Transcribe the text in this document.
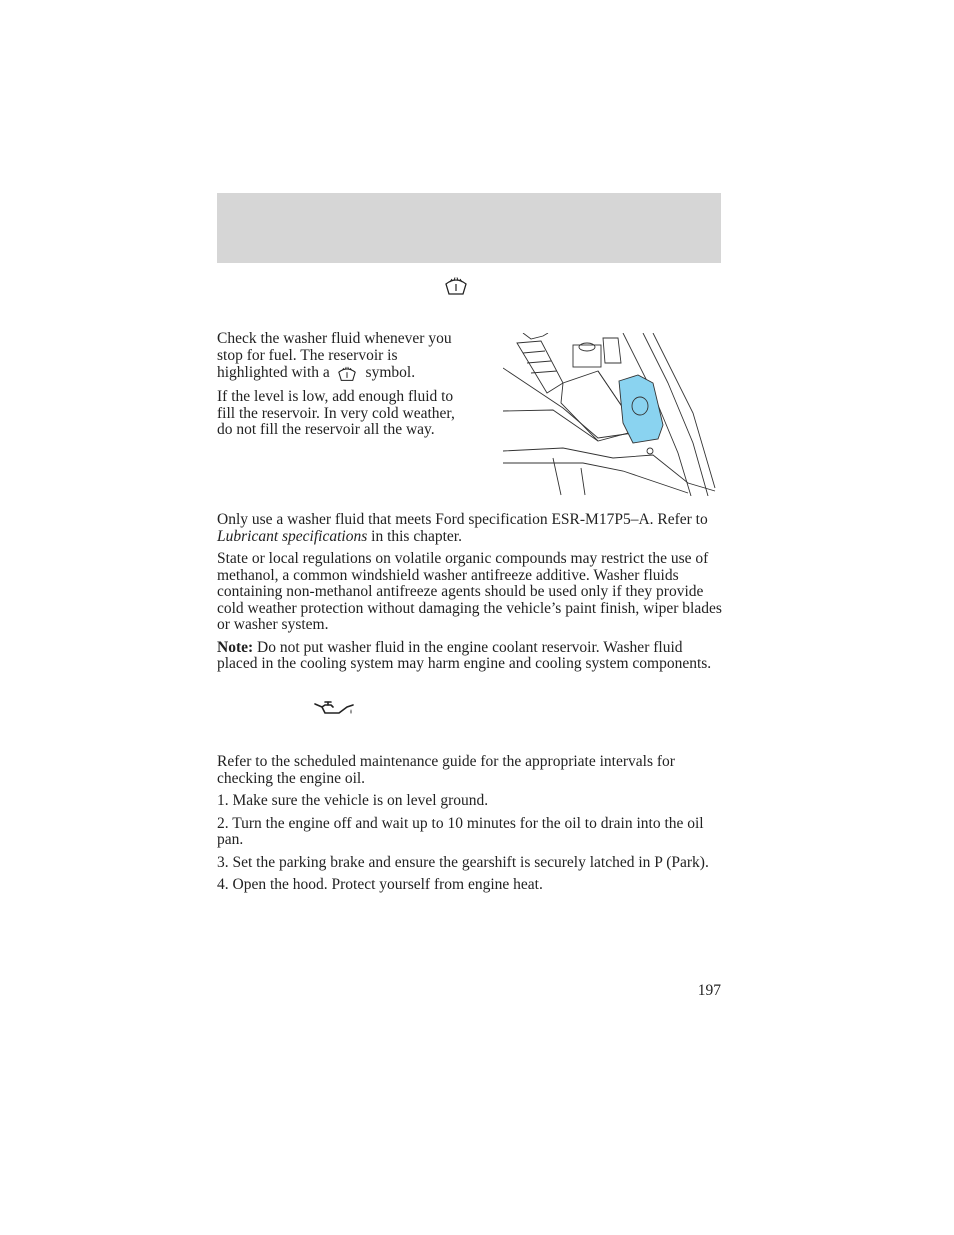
Check the washer fluid whenever you stop for fuel. The reservoir is highlighted with a  symbol.

If the level is low, add enough fluid to fill the reservoir. In very cold weather, do not fill the reservoir all the way.

Only use a washer fluid that meets Ford specification ESR-M17P5–A. Refer to Lubricant specifications in this chapter.

State or local regulations on volatile organic compounds may restrict the use of methanol, a common windshield washer antifreeze additive. Washer fluids containing non-methanol antifreeze agents should be used only if they provide cold weather protection without damaging the vehicle’s paint finish, wiper blades or washer system.

Note: Do not put washer fluid in the engine coolant reservoir. Washer fluid placed in the cooling system may harm engine and cooling system components.

Refer to the scheduled maintenance guide for the appropriate intervals for checking the engine oil.

1. Make sure the vehicle is on level ground.

2. Turn the engine off and wait up to 10 minutes for the oil to drain into the oil pan.

3. Set the parking brake and ensure the gearshift is securely latched in P (Park).

4. Open the hood. Protect yourself from engine heat.

197
